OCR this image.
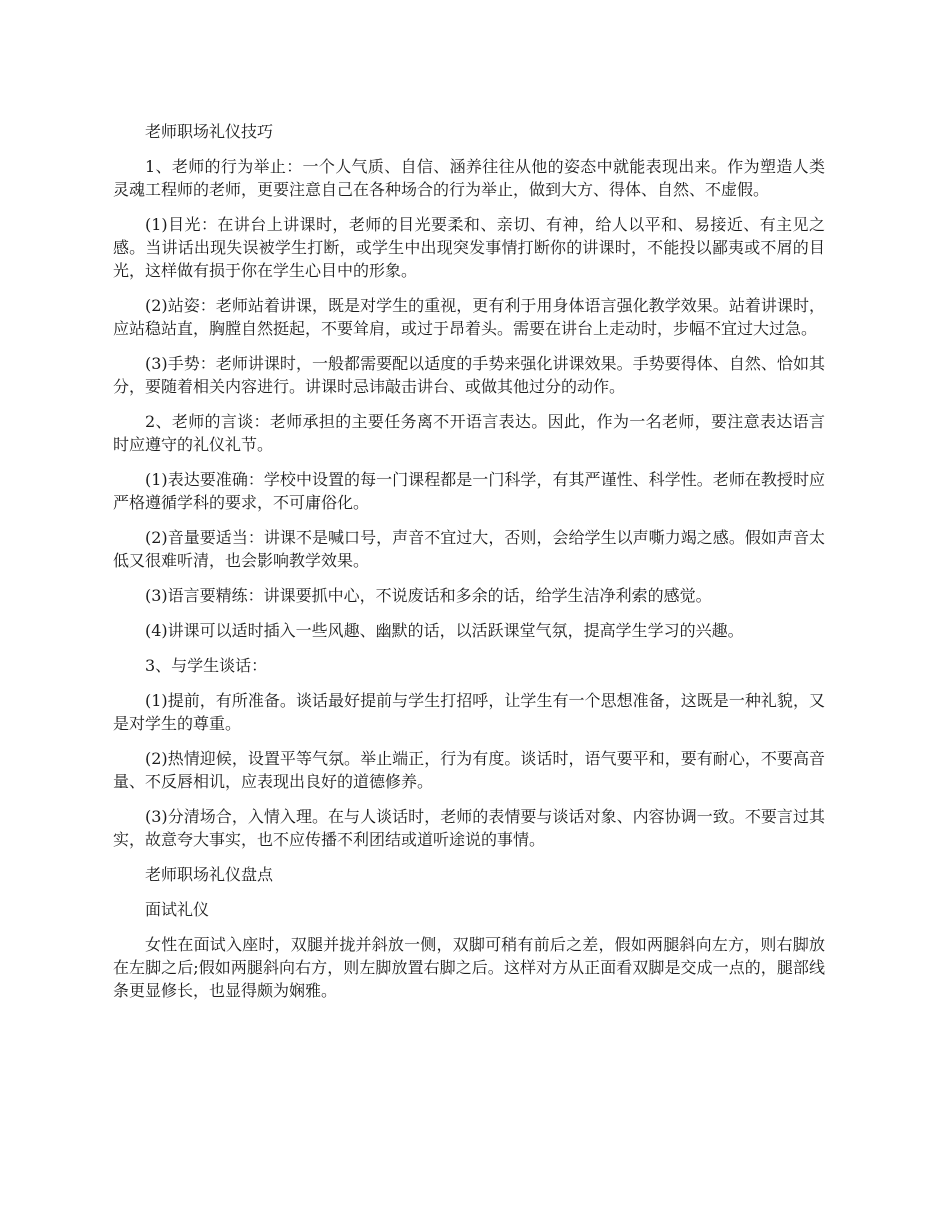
老师职场礼仪技巧

1、老师的行为举止：一个人气质、自信、涵养往往从他的姿态中就能表现出来。作为塑造人类灵魂工程师的老师，更要注意自己在各种场合的行为举止，做到大方、得体、自然、不虚假。

(1)目光：在讲台上讲课时，老师的目光要柔和、亲切、有神，给人以平和、易接近、有主见之感。当讲话出现失误被学生打断，或学生中出现突发事情打断你的讲课时，不能投以鄙夷或不屑的目光，这样做有损于你在学生心目中的形象。

(2)站姿：老师站着讲课，既是对学生的重视，更有利于用身体语言强化教学效果。站着讲课时，应站稳站直，胸膛自然挺起，不要耸肩，或过于昂着头。需要在讲台上走动时，步幅不宜过大过急。

(3)手势：老师讲课时，一般都需要配以适度的手势来强化讲课效果。手势要得体、自然、恰如其分，要随着相关内容进行。讲课时忌讳敲击讲台、或做其他过分的动作。

2、老师的言谈：老师承担的主要任务离不开语言表达。因此，作为一名老师，要注意表达语言时应遵守的礼仪礼节。

(1)表达要准确：学校中设置的每一门课程都是一门科学，有其严谨性、科学性。老师在教授时应严格遵循学科的要求，不可庸俗化。

(2)音量要适当：讲课不是喊口号，声音不宜过大，否则，会给学生以声嘶力竭之感。假如声音太低又很难听清，也会影响教学效果。

(3)语言要精练：讲课要抓中心，不说废话和多余的话，给学生洁净利索的感觉。

(4)讲课可以适时插入一些风趣、幽默的话，以活跃课堂气氛，提高学生学习的兴趣。

3、与学生谈话：

(1)提前，有所准备。谈话最好提前与学生打招呼，让学生有一个思想准备，这既是一种礼貌，又是对学生的尊重。

(2)热情迎候，设置平等气氛。举止端正，行为有度。谈话时，语气要平和，要有耐心，不要高音量、不反唇相讥，应表现出良好的道德修养。

(3)分清场合，入情入理。在与人谈话时，老师的表情要与谈话对象、内容协调一致。不要言过其实，故意夸大事实，也不应传播不利团结或道听途说的事情。

老师职场礼仪盘点

面试礼仪

女性在面试入座时，双腿并拢并斜放一侧，双脚可稍有前后之差，假如两腿斜向左方，则右脚放在左脚之后;假如两腿斜向右方，则左脚放置右脚之后。这样对方从正面看双脚是交成一点的，腿部线条更显修长，也显得颇为娴雅。
